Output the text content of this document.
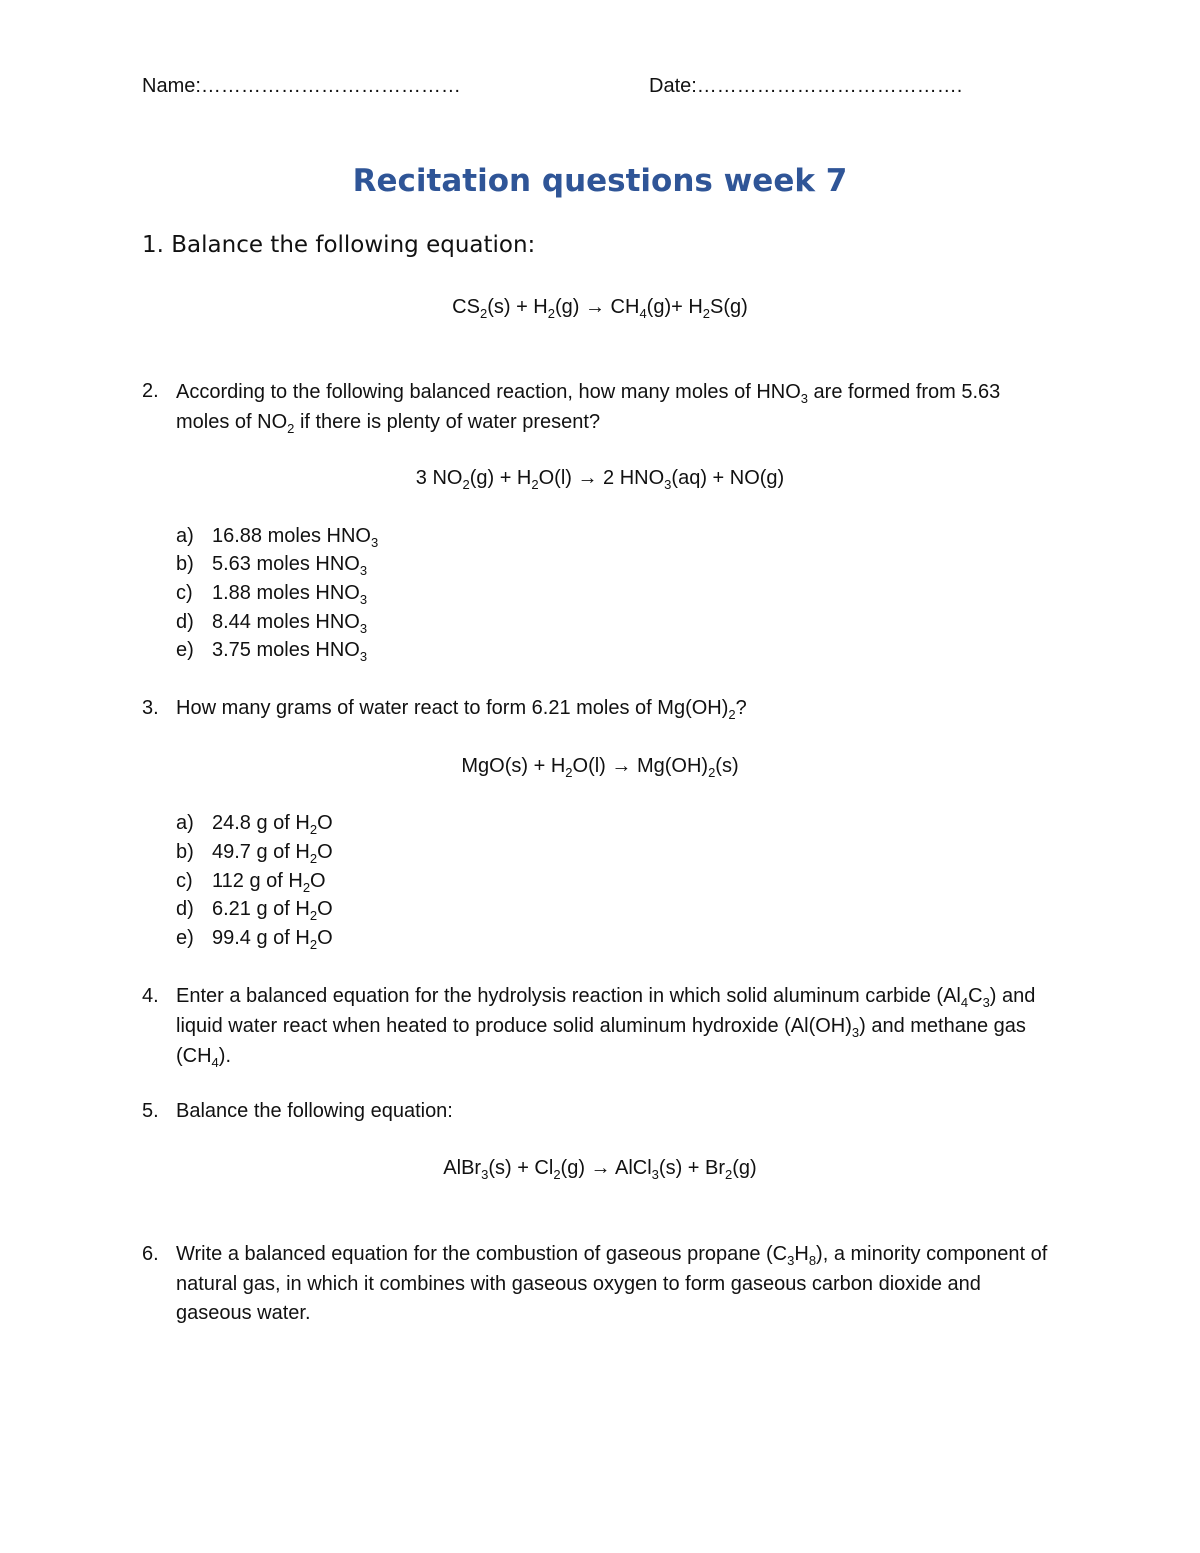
Name:…………………………………	Date:………………………………….
Recitation questions week 7
1. Balance the following equation:
$CS_2(s) + H_2(g) \to CH_4(g)+ H_2S(g)$
2. According to the following balanced reaction, how many moles of $HNO_3$ are formed from 5.63 moles of $NO_2$ if there is plenty of water present?
3 $NO_2(g) + H_2O(l) \to 2$ $HNO_3(aq) + NO(g)$
a) 16.88 moles $HNO_3$
b) 5.63 moles $HNO_3$
c) 1.88 moles $HNO_3$
d) 8.44 moles $HNO_3$
e) 3.75 moles $HNO_3$
3. How many grams of water react to form 6.21 moles of $Mg(OH)_2$?
$MgO(s) + H_2O(l) \to Mg(OH)_2(s)$
a) 24.8 g of $H_2O$
b) 49.7 g of $H_2O$
c) 112 g of $H_2O$
d) 6.21 g of $H_2O$
e) 99.4 g of $H_2O$
4. Enter a balanced equation for the hydrolysis reaction in which solid aluminum carbide $(Al_4C_3)$ and liquid water react when heated to produce solid aluminum hydroxide $(Al(OH)_3)$ and methane gas $(CH_4)$.
5. Balance the following equation:
AlBr$_3$(s) + $Cl_2(g)$ → AlCl$_3$(s) + $Br_2(g)$
6. Write a balanced equation for the combustion of gaseous propane $(C_3H_8)$, a minority component of natural gas, in which it combines with gaseous oxygen to form gaseous carbon dioxide and gaseous water.
